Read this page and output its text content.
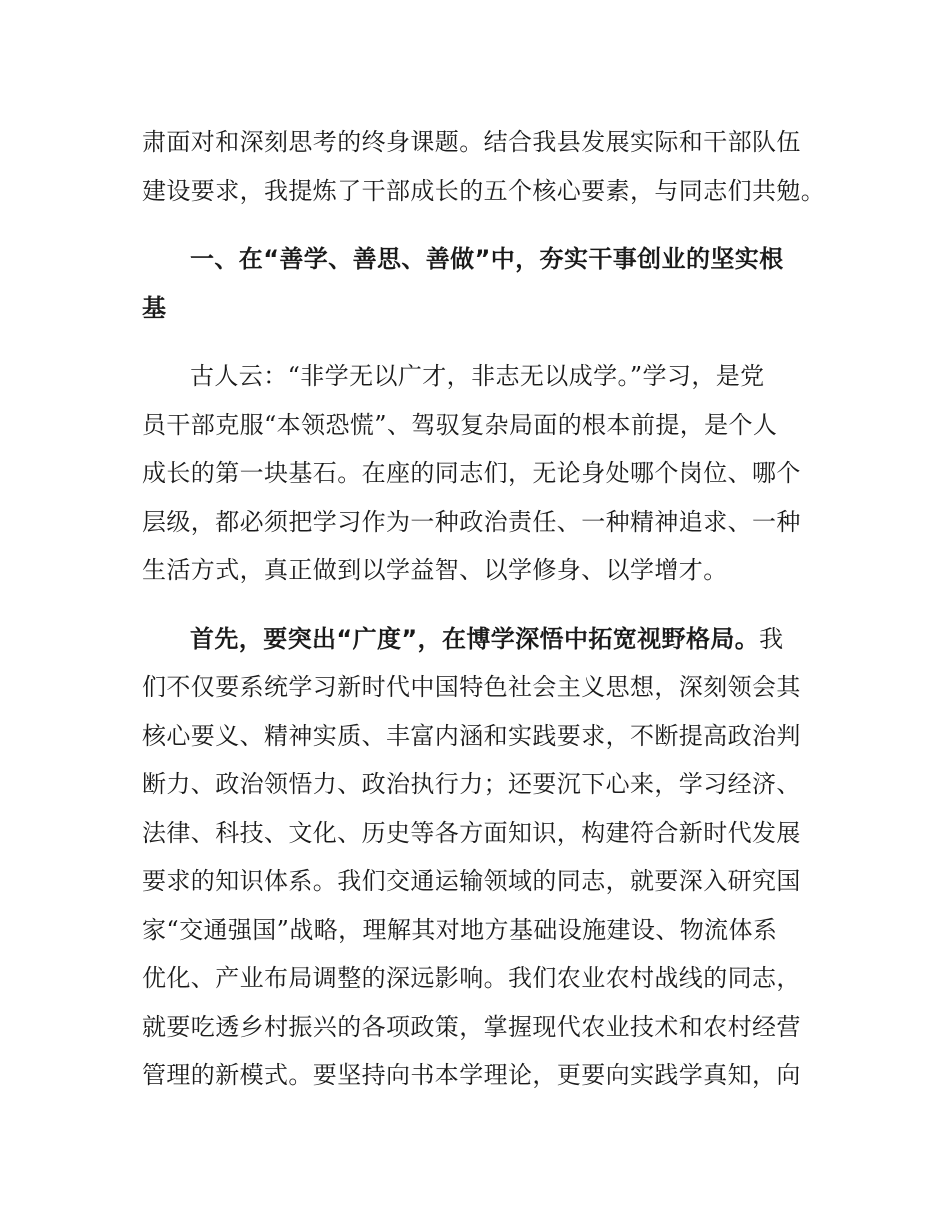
肃面对和深刻思考的终身课题。结合我县发展实际和干部队伍
建设要求，我提炼了干部成长的五个核心要素，与同志们共勉。
一、在“善学、善思、善做”中，夯实干事创业的坚实根
基
古人云：“非学无以广才，非志无以成学。”学习，是党
员干部克服“本领恐慌”、驾驭复杂局面的根本前提，是个人
成长的第一块基石。在座的同志们，无论身处哪个岗位、哪个
层级，都必须把学习作为一种政治责任、一种精神追求、一种
生活方式，真正做到以学益智、以学修身、以学增才。
首先，要突出“广度”，在博学深悟中拓宽视野格局。我
们不仅要系统学习新时代中国特色社会主义思想，深刻领会其
核心要义、精神实质、丰富内涵和实践要求，不断提高政治判
断力、政治领悟力、政治执行力；还要沉下心来，学习经济、
法律、科技、文化、历史等各方面知识，构建符合新时代发展
要求的知识体系。我们交通运输领域的同志，就要深入研究国
家“交通强国”战略，理解其对地方基础设施建设、物流体系
优化、产业布局调整的深远影响。我们农业农村战线的同志，
就要吃透乡村振兴的各项政策，掌握现代农业技术和农村经营
管理的新模式。要坚持向书本学理论，更要向实践学真知，向
